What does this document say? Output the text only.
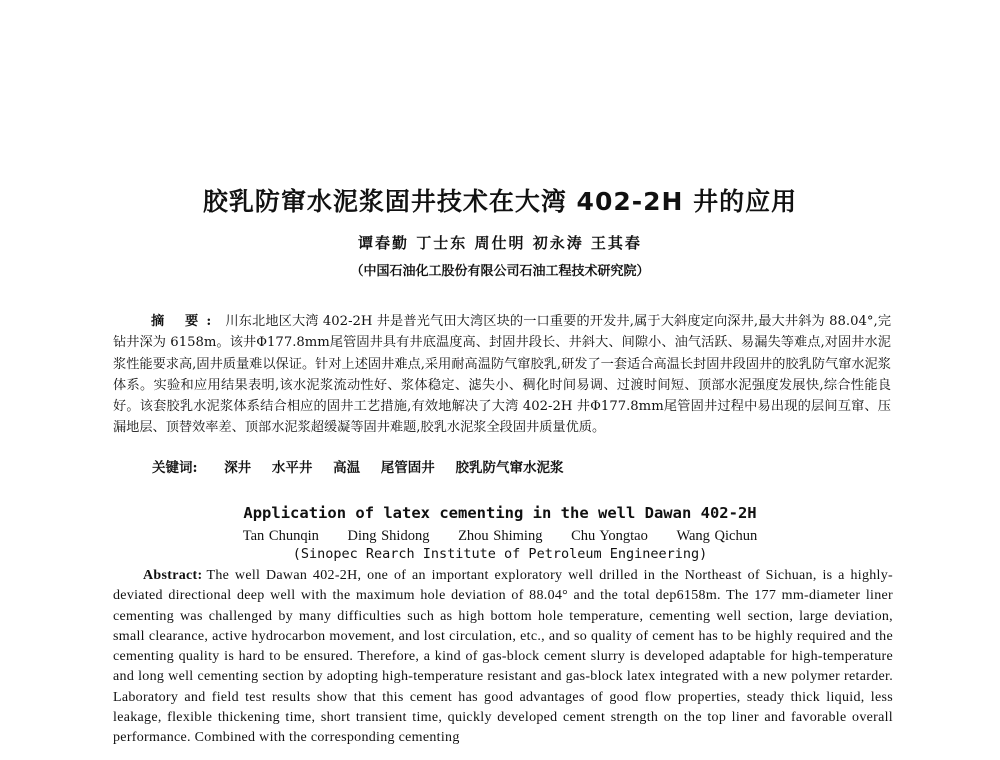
胶乳防窜水泥浆固井技术在大湾 402-2H 井的应用
谭春勤 丁士东 周仕明 初永涛 王其春
（中国石油化工股份有限公司石油工程技术研究院）

摘 要: 川东北地区大湾 402-2H 井是普光气田大湾区块的一口重要的开发井,属于大斜度定向深井,最大井斜为 88.04°,完钻井深为 6158m。该井Φ177.8mm尾管固井具有井底温度高、封固井段长、井斜大、间隙小、油气活跃、易漏失等难点,对固井水泥浆性能要求高,固井质量难以保证。针对上述固井难点,采用耐高温防气窜胶乳,研发了一套适合高温长封固井段固井的胶乳防气窜水泥浆体系。实验和应用结果表明,该水泥浆流动性好、浆体稳定、滤失小、稠化时间易调、过渡时间短、顶部水泥强度发展快,综合性能良好。该套胶乳水泥浆体系结合相应的固井工艺措施,有效地解决了大湾 402-2H 井Φ177.8mm尾管固井过程中易出现的层间互窜、压漏地层、顶替效率差、顶部水泥浆超缓凝等固井难题,胶乳水泥浆全段固井质量优质。

关键词: 深井 水平井 高温 尾管固井 胶乳防气窜水泥浆
Application of latex cementing in the well Dawan 402-2H
Tan Chunqin Ding Shidong Zhou Shiming Chu Yongtao Wang Qichun
(Sinopec Rearch Institute of Petroleum Engineering)

Abstract: The well Dawan 402-2H, one of an important exploratory well drilled in the Northeast of Sichuan, is a highly-deviated directional deep well with the maximum hole deviation of 88.04° and the total dep6158m. The 177 mm-diameter liner cementing was challenged by many difficulties such as high bottom hole temperature, cementing well section, large deviation, small clearance, active hydrocarbon movement, and lost circulation, etc., and so quality of cement has to be highly required and the cementing quality is hard to be ensured. Therefore, a kind of gas-block cement slurry is developed adaptable for high-temperature and long well cementing section by adopting high-temperature resistant and gas-block latex integrated with a new polymer retarder. Laboratory and field test results show that this cement has good advantages of good flow properties, steady thick liquid, less leakage, flexible thickening time, short transient time, quickly developed cement strength on the top liner and favorable overall performance. Combined with the corresponding cementing
